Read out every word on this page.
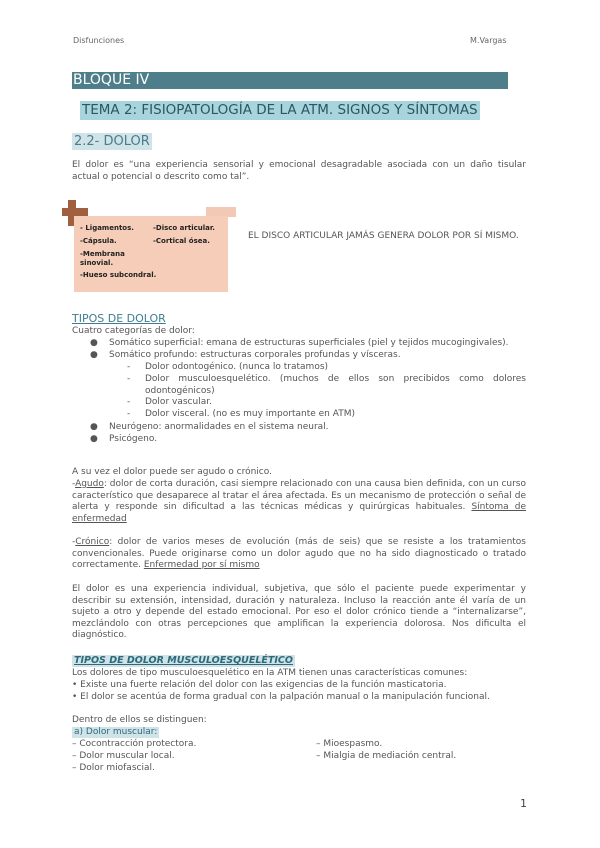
Disfunciones	M.Vargas
BLOQUE IV
TEMA 2: FISIOPATOLOGÍA DE LA ATM. SIGNOS Y SÍNTOMAS
2.2- DOLOR
El dolor es “una experiencia sensorial y emocional desagradable asociada con un daño tisular actual o potencial o descrito como tal”.
- Ligamentos.
-Cápsula.
-Membrana sinovial.
-Hueso subcondral.
-Disco articular.
-Cortical ósea.	EL DISCO ARTICULAR JAMÁS GENERA DOLOR POR SÍ MISMO.
TIPOS DE DOLOR
Cuatro categorías de dolor:
● Somático superficial: emana de estructuras superficiales (piel y tejidos mucogingivales).
● Somático profundo: estructuras corporales profundas y vísceras.
- Dolor odontogénico. (nunca lo tratamos)
- Dolor musculoesquelético. (muchos de ellos son precibidos como dolores odontogénicos)
- Dolor vascular.
- Dolor visceral. (no es muy importante en ATM)
● Neurógeno: anormalidades en el sistema neural.
● Psicógeno.
A su vez el dolor puede ser agudo o crónico.
-Agudo: dolor de corta duración, casi siempre relacionado con una causa bien definida, con un curso característico que desaparece al tratar el área afectada. Es un mecanismo de protección o señal de alerta y responde sin dificultad a las técnicas médicas y quirúrgicas habituales. Síntoma de enfermedad
-Crónico: dolor de varios meses de evolución (más de seis) que se resiste a los tratamientos convencionales. Puede originarse como un dolor agudo que no ha sido diagnosticado o tratado correctamente. Enfermedad por sí mismo
El dolor es una experiencia individual, subjetiva, que sólo el paciente puede experimentar y describir su extensión, intensidad, duración y naturaleza. Incluso la reacción ante él varía de un sujeto a otro y depende del estado emocional. Por eso el dolor crónico tiende a “internalizarse”, mezclándolo con otras percepciones que amplifican la experiencia dolorosa. Nos dificulta el diagnóstico.
TIPOS DE DOLOR MUSCULOESQUELÉTICO
Los dolores de tipo musculoesquelético en la ATM tienen unas características comunes:
• Existe una fuerte relación del dolor con las exigencias de la función masticatoria.
• El dolor se acentúa de forma gradual con la palpación manual o la manipulación funcional.
Dentro de ellos se distinguen:
a) Dolor muscular:
– Cocontracción protectora.
– Dolor muscular local.
– Dolor miofascial.
– Mioespasmo.
– Mialgia de mediación central.
1
